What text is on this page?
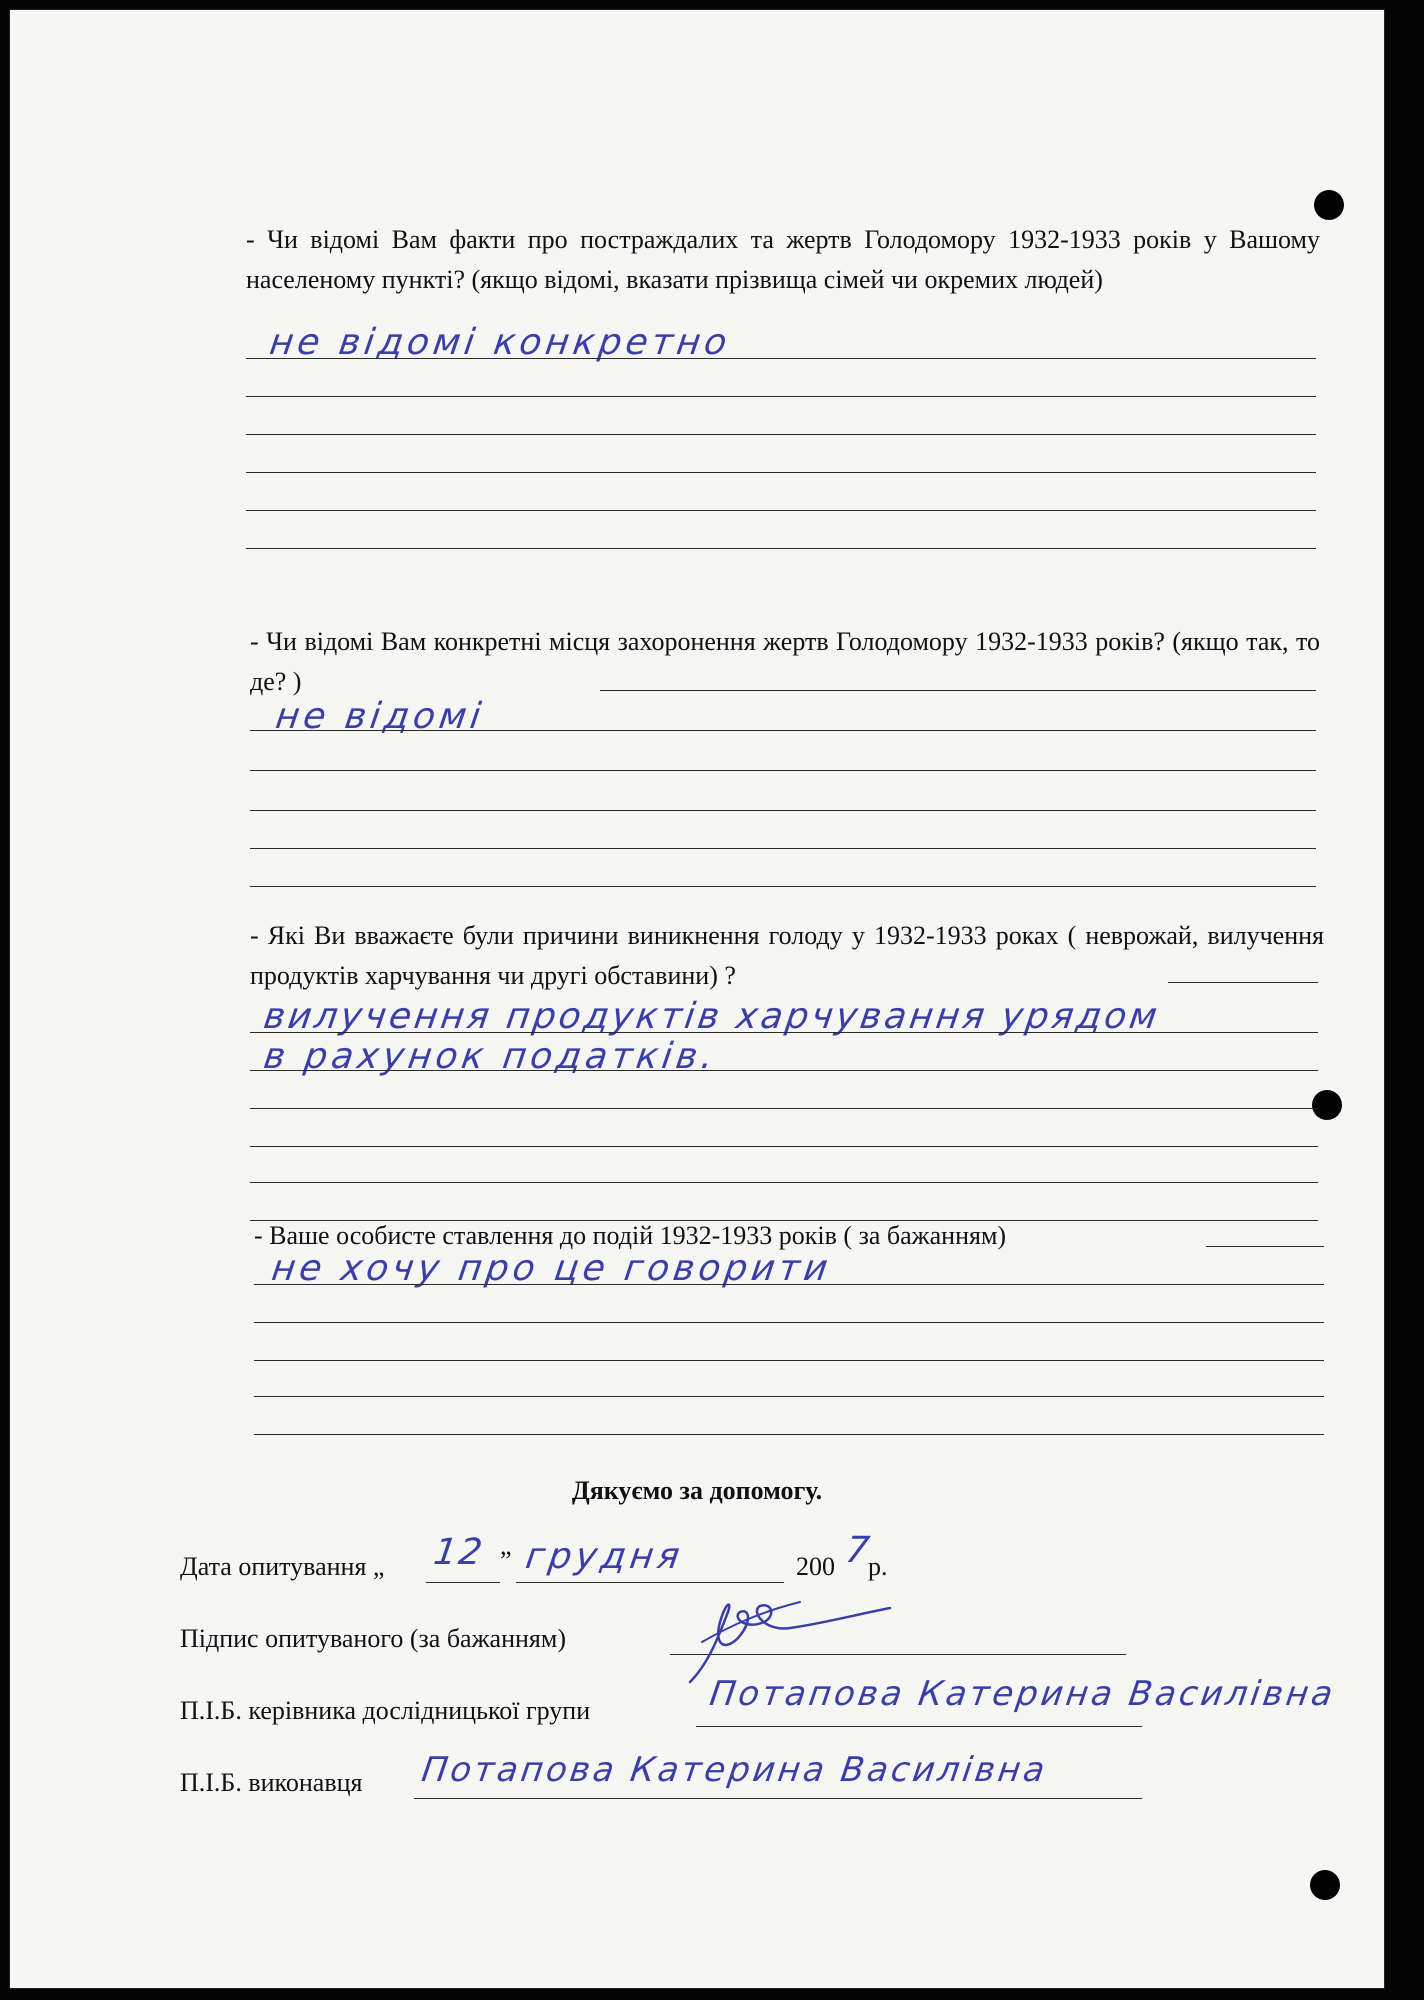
- Чи відомі Вам факти про постраждалих та жертв Голодомору 1932-1933 років у Вашому населеному пункті? (якщо відомі, вказати прізвища сімей чи окремих людей)

не відомі конкретно

- Чи відомі Вам конкретні місця захоронення жертв Голодомору 1932-1933 років? (якщо так, то де? )

не відомі

- Які Ви вважаєте були причини виникнення голоду у 1932-1933 роках ( неврожай, вилучення продуктів харчування чи другі обставини) ?

вилучення продуктів харчування урядом
в рахунок податків.

- Ваше особисте ставлення до подій 1932-1933 років ( за бажанням)

не хочу про це говорити

Дякуємо за допомогу.

Дата опитування „ 12 ” грудня	200 7
р.
Підпис опитуваного (за бажанням)
П.І.Б. керівника дослідницької групи	Потапова Катерина Василівна
П.І.Б. виконавця Потапова Катерина Василівна
